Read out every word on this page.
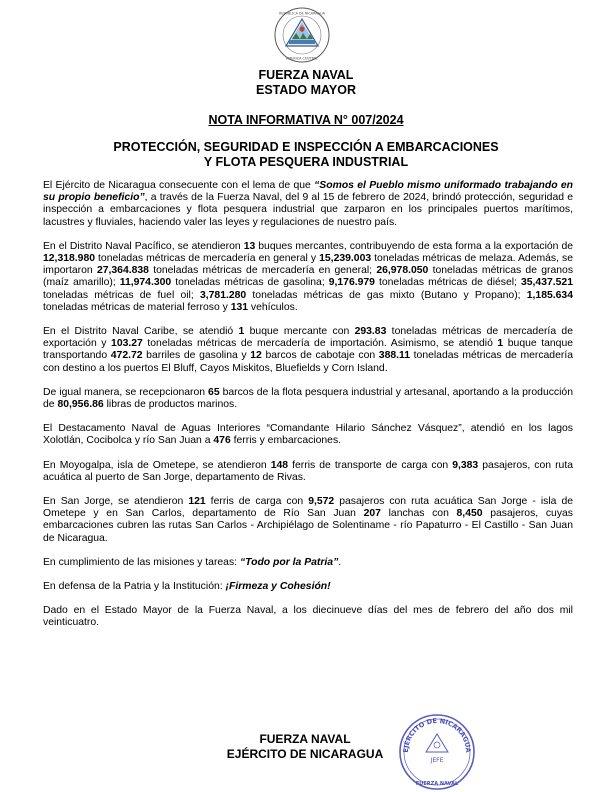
REPUBLICA DE NICARAGUA
AMERICA CENTRAL
FUERZA NAVAL
ESTADO MAYOR
NOTA INFORMATIVA N° 007/2024
PROTECCIÓN, SEGURIDAD E INSPECCIÓN A EMBARCACIONES
Y FLOTA PESQUERA INDUSTRIAL

El Ejército de Nicaragua consecuente con el lema de que “Somos el Pueblo mismo uniformado trabajando en su propio beneficio”, a través de la Fuerza Naval, del 9 al 15 de febrero de 2024, brindó protección, seguridad e inspección a embarcaciones y flota pesquera industrial que zarparon en los principales puertos marítimos, lacustres y fluviales, haciendo valer las leyes y regulaciones de nuestro país.

En el Distrito Naval Pacífico, se atendieron 13 buques mercantes, contribuyendo de esta forma a la exportación de 12,318.980 toneladas métricas de mercadería en general y 15,239.003 toneladas métricas de melaza. Además, se importaron 27,364.838 toneladas métricas de mercadería en general; 26,978.050 toneladas métricas de granos (maíz amarillo); 11,974.300 toneladas métricas de gasolina; 9,176.979 toneladas métricas de diésel; 35,437.521 toneladas métricas de fuel oil; 3,781.280 toneladas métricas de gas mixto (Butano y Propano); 1,185.634 toneladas métricas de material ferroso y 131 vehículos.

En el Distrito Naval Caribe, se atendió 1 buque mercante con 293.83 toneladas métricas de mercadería de exportación y 103.27 toneladas métricas de mercadería de importación. Asimismo, se atendió 1 buque tanque transportando 472.72 barriles de gasolina y 12 barcos de cabotaje con 388.11 toneladas métricas de mercadería con destino a los puertos El Bluff, Cayos Miskitos, Bluefields y Corn Island.

De igual manera, se recepcionaron 65 barcos de la flota pesquera industrial y artesanal, aportando a la producción de 80,956.86 libras de productos marinos.

El Destacamento Naval de Aguas Interiores “Comandante Hilario Sánchez Vásquez”, atendió en los lagos Xolotlán, Cocibolca y río San Juan a 476 ferris y embarcaciones.

En Moyogalpa, isla de Ometepe, se atendieron 148 ferris de transporte de carga con 9,383 pasajeros, con ruta acuática al puerto de San Jorge, departamento de Rivas.

En San Jorge, se atendieron 121 ferris de carga con 9,572 pasajeros con ruta acuática San Jorge - isla de Ometepe y en San Carlos, departamento de Río San Juan 207 lanchas con 8,450 pasajeros, cuyas embarcaciones cubren las rutas San Carlos - Archipiélago de Solentiname - río Papaturro - El Castillo - San Juan de Nicaragua.

En cumplimiento de las misiones y tareas: “Todo por la Patria”.

En defensa de la Patria y la Institución: ¡Firmeza y Cohesión!

Dado en el Estado Mayor de la Fuerza Naval, a los diecinueve días del mes de febrero del año dos mil veinticuatro.

EJÉRCITO DE NICARAGUA
JEFE
FUERZA NAVAL
FUERZA NAVAL
EJÉRCITO DE NICARAGUA
